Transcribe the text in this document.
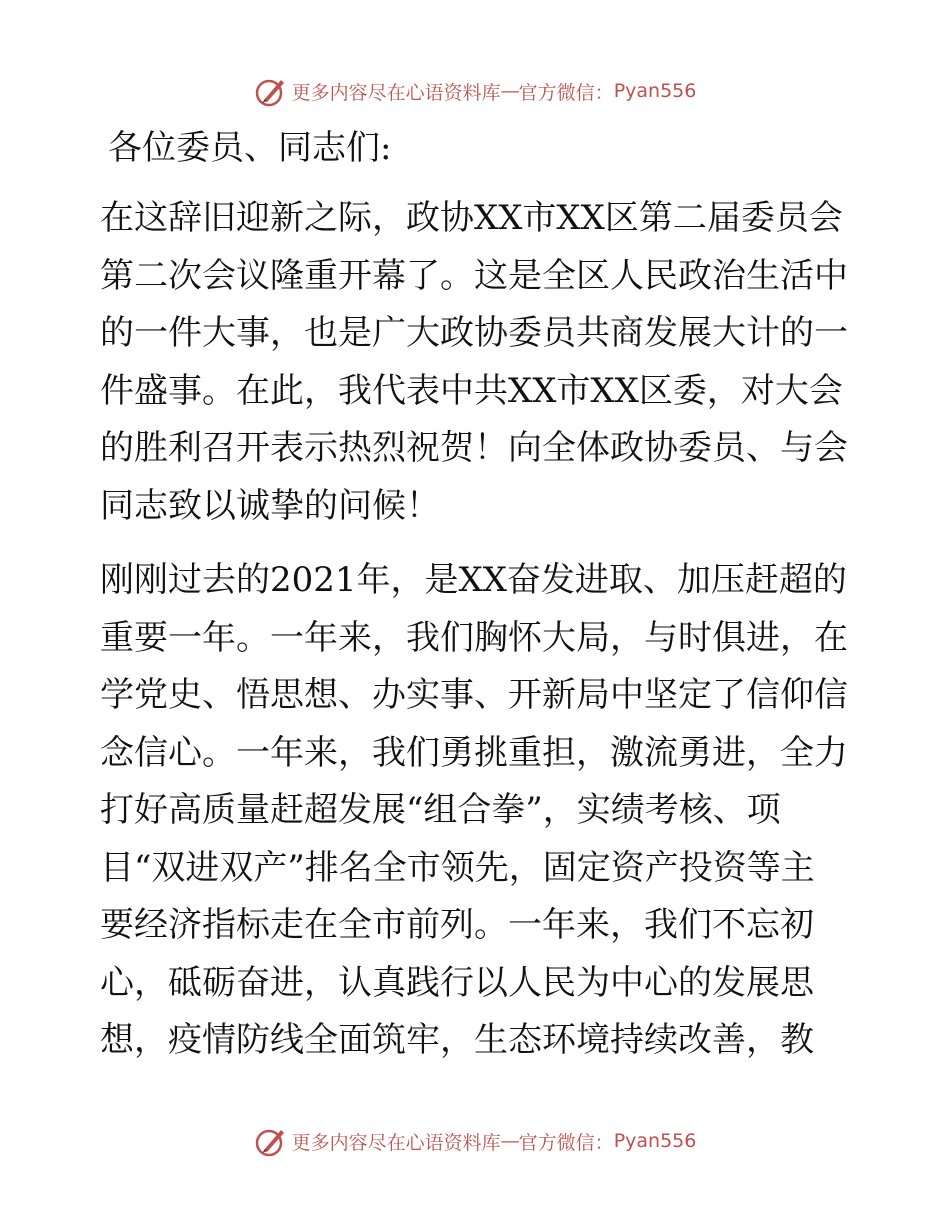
更多内容尽在心语资料库 — 官方微信： Pyan556

各位委员、同志们:

在这辞旧迎新之际，政协XX市XX区第二届委员会
第二次会议隆重开幕了。这是全区人民政治生活中
的一件大事，也是广大政协委员共商发展大计的一
件盛事。在此，我代表中共XX市XX区委，对大会
的胜利召开表示热烈祝贺！向全体政协委员、与会
同志致以诚挚的问候！

刚刚过去的2021年，是XX奋发进取、加压赶超的
重要一年。一年来，我们胸怀大局，与时俱进，在
学党史、悟思想、办实事、开新局中坚定了信仰信
念信心。一年来，我们勇挑重担，激流勇进，全力
打好高质量赶超发展“组合拳”，实绩考核、项
目“双进双产”排名全市领先，固定资产投资等主
要经济指标走在全市前列。一年来，我们不忘初
心，砥砺奋进，认真践行以人民为中心的发展思
想，疫情防线全面筑牢，生态环境持续改善，教

更多内容尽在心语资料库 — 官方微信： Pyan556
